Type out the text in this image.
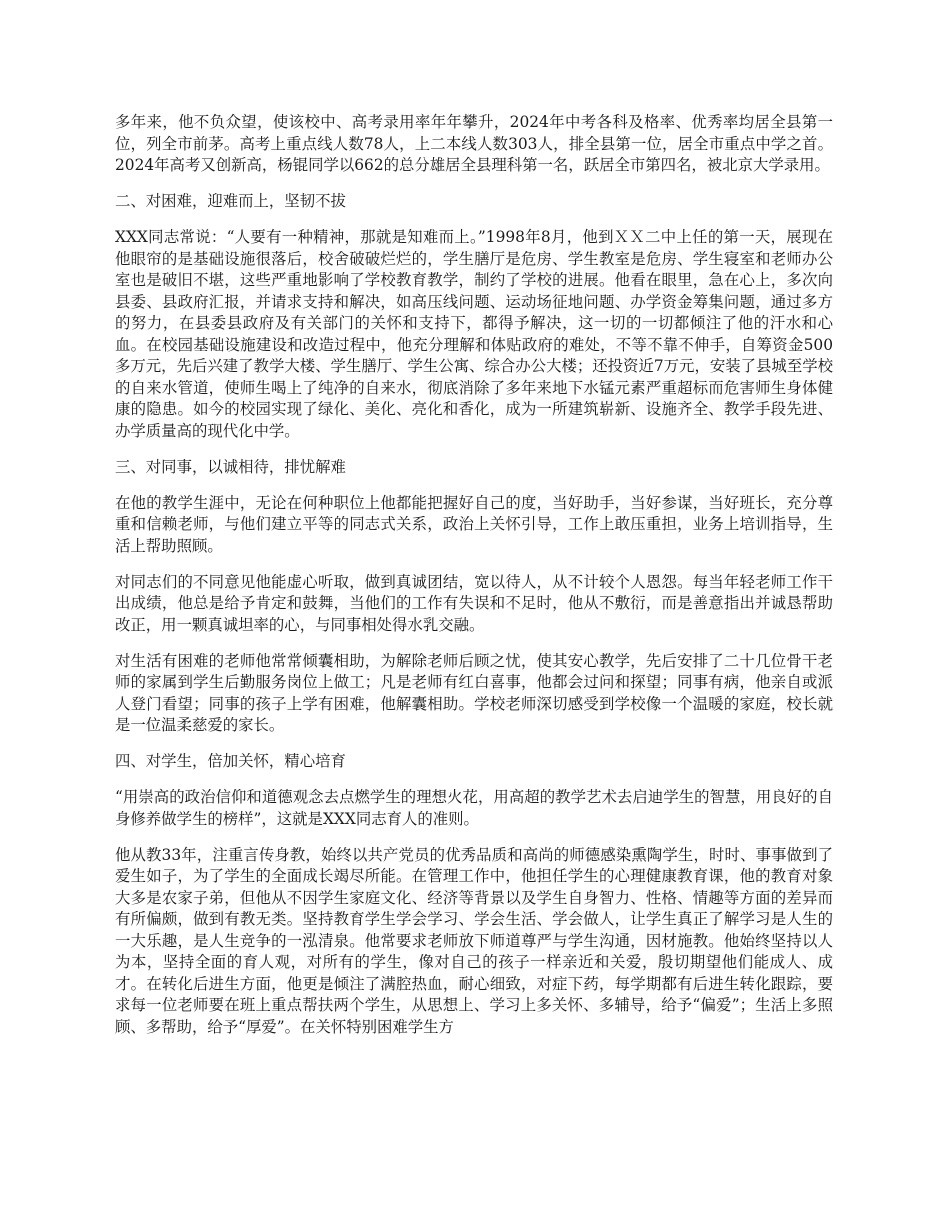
多年来，他不负众望，使该校中、高考录用率年年攀升，2024年中考各科及格率、优秀率均居全县第一位，列全市前茅。高考上重点线人数78人，上二本线人数303人，排全县第一位，居全市重点中学之首。2024年高考又创新高，杨锟同学以662的总分雄居全县理科第一名，跃居全市第四名，被北京大学录用。

二、对困难，迎难而上，坚韧不拔

XXX同志常说：“人要有一种精神，那就是知难而上。”1998年8月，他到ＸＸ二中上任的第一天，展现在他眼帘的是基础设施很落后，校舍破破烂烂的，学生膳厅是危房、学生教室是危房、学生寝室和老师办公室也是破旧不堪，这些严重地影响了学校教育教学，制约了学校的进展。他看在眼里，急在心上，多次向县委、县政府汇报，并请求支持和解决，如高压线问题、运动场征地问题、办学资金筹集问题，通过多方的努力，在县委县政府及有关部门的关怀和支持下，都得予解决，这一切的一切都倾注了他的汗水和心血。在校园基础设施建设和改造过程中，他充分理解和体贴政府的难处，不等不靠不伸手，自筹资金500多万元，先后兴建了教学大楼、学生膳厅、学生公寓、综合办公大楼；还投资近7万元，安装了县城至学校的自来水管道，使师生喝上了纯净的自来水，彻底消除了多年来地下水锰元素严重超标而危害师生身体健康的隐患。如今的校园实现了绿化、美化、亮化和香化，成为一所建筑崭新、设施齐全、教学手段先进、办学质量高的现代化中学。

三、对同事，以诚相待，排忧解难

在他的教学生涯中，无论在何种职位上他都能把握好自己的度，当好助手，当好参谋，当好班长，充分尊重和信赖老师，与他们建立平等的同志式关系，政治上关怀引导，工作上敢压重担，业务上培训指导，生活上帮助照顾。

对同志们的不同意见他能虚心听取，做到真诚团结，宽以待人，从不计较个人恩怨。每当年轻老师工作干出成绩，他总是给予肯定和鼓舞，当他们的工作有失误和不足时，他从不敷衍，而是善意指出并诚恳帮助改正，用一颗真诚坦率的心，与同事相处得水乳交融。

对生活有困难的老师他常常倾囊相助，为解除老师后顾之忧，使其安心教学，先后安排了二十几位骨干老师的家属到学生后勤服务岗位上做工；凡是老师有红白喜事，他都会过问和探望；同事有病，他亲自或派人登门看望；同事的孩子上学有困难，他解囊相助。学校老师深切感受到学校像一个温暖的家庭，校长就是一位温柔慈爱的家长。

四、对学生，倍加关怀，精心培育

“用崇高的政治信仰和道德观念去点燃学生的理想火花，用高超的教学艺术去启迪学生的智慧，用良好的自身修养做学生的榜样”，这就是XXX同志育人的准则。

他从教33年，注重言传身教，始终以共产党员的优秀品质和高尚的师德感染熏陶学生，时时、事事做到了爱生如子，为了学生的全面成长竭尽所能。在管理工作中，他担任学生的心理健康教育课，他的教育对象大多是农家子弟，但他从不因学生家庭文化、经济等背景以及学生自身智力、性格、情趣等方面的差异而有所偏颇，做到有教无类。坚持教育学生学会学习、学会生活、学会做人，让学生真正了解学习是人生的一大乐趣，是人生竞争的一泓清泉。他常要求老师放下师道尊严与学生沟通，因材施教。他始终坚持以人为本，坚持全面的育人观，对所有的学生，像对自己的孩子一样亲近和关爱，殷切期望他们能成人、成才。在转化后进生方面，他更是倾注了满腔热血，耐心细致，对症下药，每学期都有后进生转化跟踪，要求每一位老师要在班上重点帮扶两个学生，从思想上、学习上多关怀、多辅导，给予“偏爱”；生活上多照顾、多帮助，给予“厚爱”。在关怀特别困难学生方
